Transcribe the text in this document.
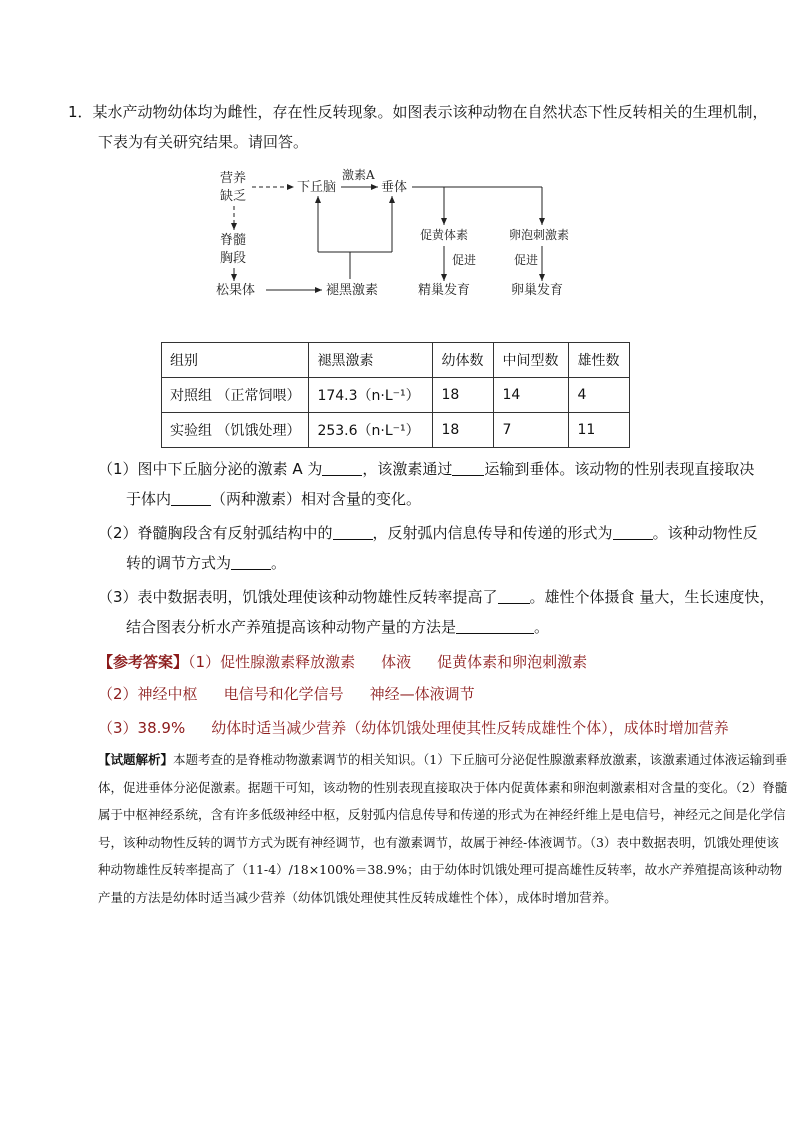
1．某水产动物幼体均为雌性，存在性反转现象。如图表示该种动物在自然状态下性反转相关的生理机制，
下表为有关研究结果。请回答。
营养
缺乏
下丘脑
激素A
垂体
脊髓
胸段
松果体	褪黑激素
促黄体素	卵泡刺激素
促进	促进
精巢发育	卵巢发育
组别	褪黑激素	幼体数	中间型数	雄性数
对照组 （正常饲喂）	174.3（n·L⁻¹）	18	14	4
实验组 （饥饿处理）	253.6（n·L⁻¹）	18	7	11
（1）图中下丘脑分泌的激素 A 为	，该激素通过 运输到垂体。该动物的性别表现直接取决
于体内	（两种激素）相对含量的变化。
（2）脊髓胸段含有反射弧结构中的	，反射弧内信息传导和传递的形式为	。该种动物性反
转的调节方式为	。
（3）表中数据表明，饥饿处理使该种动物雄性反转率提高了 。雄性个体摄食 量大，生长速度快，
结合图表分析水产养殖提高该种动物产量的方法是	。
【参考答案】（1）促性腺激素释放激素 体液 促黄体素和卵泡刺激素
（2）神经中枢 电信号和化学信号 神经—体液调节
（3）38.9% 幼体时适当减少营养（幼体饥饿处理使其性反转成雄性个体），成体时增加营养
【试题解析】本题考查的是脊椎动物激素调节的相关知识。（1）下丘脑可分泌促性腺激素释放激素，该激素通过体液运输到垂体，促进垂体分泌促激素。据题干可知，该动物的性别表现直接取决于体内促黄体素和卵泡刺激素相对含量的变化。（2）脊髓属于中枢神经系统，含有许多低级神经中枢，反射弧内信息传导和传递的形式为在神经纤维上是电信号，神经元之间是化学信号，该种动物性反转的调节方式为既有神经调节，也有激素调节，故属于神经-体液调节。（3）表中数据表明，饥饿处理使该种动物雄性反转率提高了（11-4）/18×100%＝38.9%；由于幼体时饥饿处理可提高雄性反转率，故水产养殖提高该种动物产量的方法是幼体时适当减少营养（幼体饥饿处理使其性反转成雄性个体），成体时增加营养。
